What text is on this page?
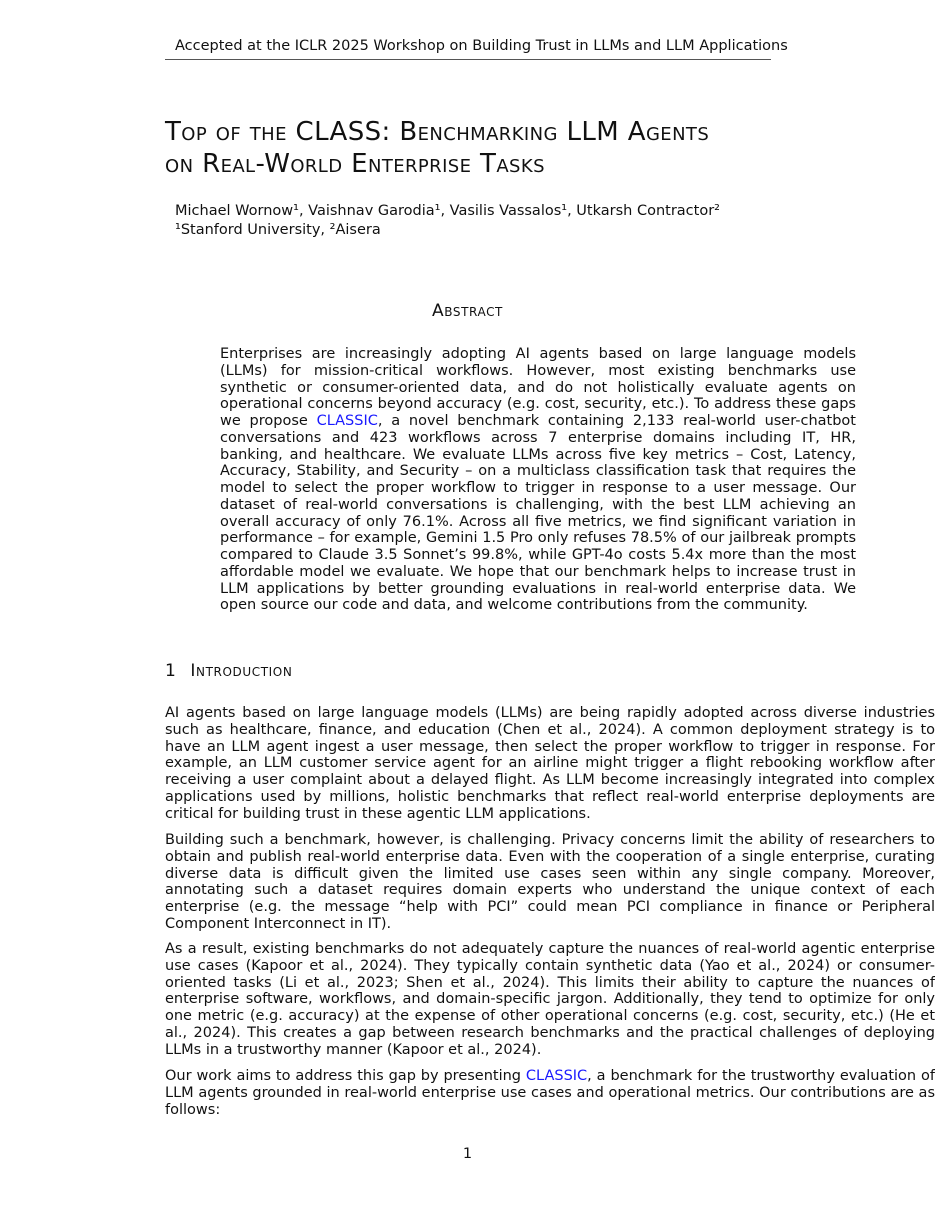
Accepted at the ICLR 2025 Workshop on Building Trust in LLMs and LLM Applications
Top of the CLASS: Benchmarking LLM Agents
on Real-World Enterprise Tasks
Michael Wornow¹, Vaishnav Garodia¹, Vasilis Vassalos¹, Utkarsh Contractor²
¹Stanford University, ²Aisera
Abstract
Enterprises are increasingly adopting AI agents based on large language models (LLMs) for mission-critical workflows. However, most existing benchmarks use synthetic or consumer-oriented data, and do not holistically evaluate agents on operational concerns beyond accuracy (e.g. cost, security, etc.). To address these gaps we propose CLASSIC, a novel benchmark containing 2,133 real-world user-chatbot conversations and 423 workflows across 7 enterprise domains including IT, HR, banking, and healthcare. We evaluate LLMs across five key metrics – Cost, Latency, Accuracy, Stability, and Security – on a multiclass classification task that requires the model to select the proper workflow to trigger in response to a user message. Our dataset of real-world conversations is challenging, with the best LLM achieving an overall accuracy of only 76.1%. Across all five metrics, we find significant variation in performance – for example, Gemini 1.5 Pro only refuses 78.5% of our jailbreak prompts compared to Claude 3.5 Sonnet’s 99.8%, while GPT-4o costs 5.4x more than the most affordable model we evaluate. We hope that our benchmark helps to increase trust in LLM applications by better grounding evaluations in real-world enterprise data. We open source our code and data, and welcome contributions from the community.
1 Introduction

AI agents based on large language models (LLMs) are being rapidly adopted across diverse industries such as healthcare, finance, and education (Chen et al., 2024). A common deployment strategy is to have an LLM agent ingest a user message, then select the proper workflow to trigger in response. For example, an LLM customer service agent for an airline might trigger a flight rebooking workflow after receiving a user complaint about a delayed flight. As LLM become increasingly integrated into complex applications used by millions, holistic benchmarks that reflect real-world enterprise deployments are critical for building trust in these agentic LLM applications.

Building such a benchmark, however, is challenging. Privacy concerns limit the ability of researchers to obtain and publish real-world enterprise data. Even with the cooperation of a single enterprise, curating diverse data is difficult given the limited use cases seen within any single company. Moreover, annotating such a dataset requires domain experts who understand the unique context of each enterprise (e.g. the message “help with PCI” could mean PCI compliance in finance or Peripheral Component Interconnect in IT).

As a result, existing benchmarks do not adequately capture the nuances of real-world agentic enterprise use cases (Kapoor et al., 2024). They typically contain synthetic data (Yao et al., 2024) or consumer-oriented tasks (Li et al., 2023; Shen et al., 2024). This limits their ability to capture the nuances of enterprise software, workflows, and domain-specific jargon. Additionally, they tend to optimize for only one metric (e.g. accuracy) at the expense of other operational concerns (e.g. cost, security, etc.) (He et al., 2024). This creates a gap between research benchmarks and the practical challenges of deploying LLMs in a trustworthy manner (Kapoor et al., 2024).

Our work aims to address this gap by presenting CLASSIC, a benchmark for the trustworthy evaluation of LLM agents grounded in real-world enterprise use cases and operational metrics. Our contributions are as follows:

1
